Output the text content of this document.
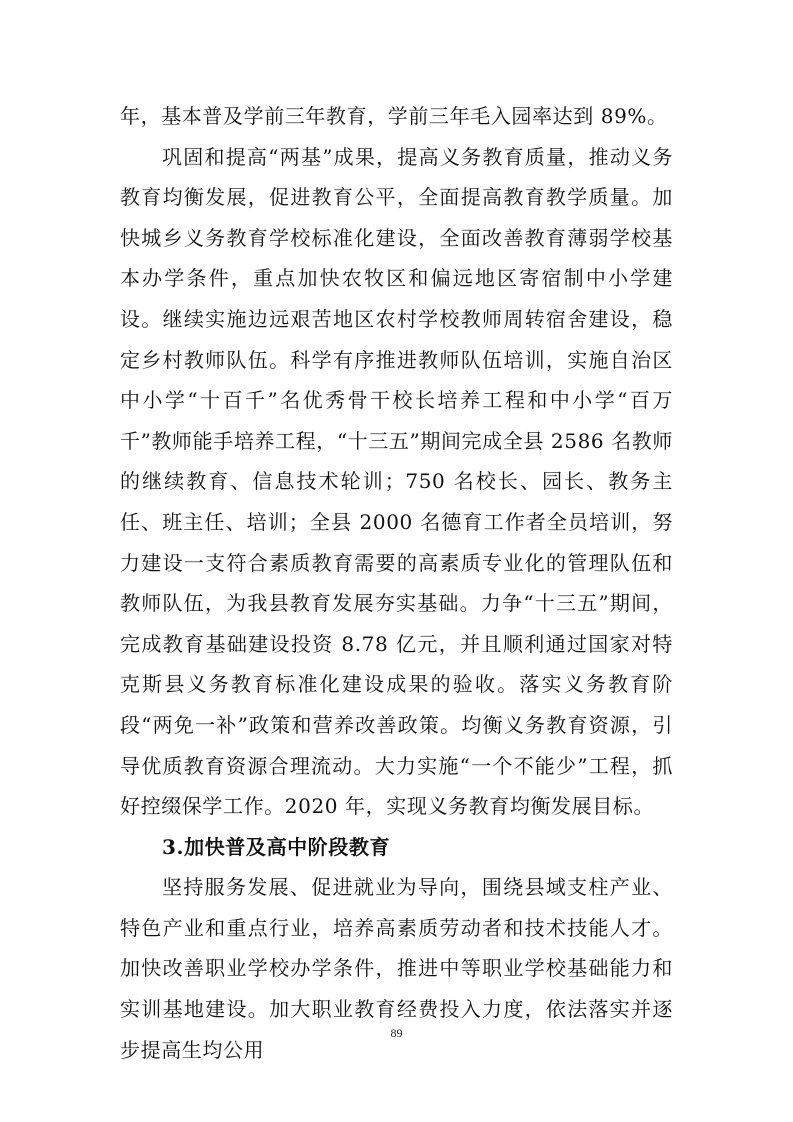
年，基本普及学前三年教育，学前三年毛入园率达到 89%。

巩固和提高“两基”成果，提高义务教育质量，推动义务教育均衡发展，促进教育公平，全面提高教育教学质量。加快城乡义务教育学校标准化建设，全面改善教育薄弱学校基本办学条件，重点加快农牧区和偏远地区寄宿制中小学建设。继续实施边远艰苦地区农村学校教师周转宿舍建设，稳定乡村教师队伍。科学有序推进教师队伍培训，实施自治区中小学“十百千”名优秀骨干校长培养工程和中小学“百万千”教师能手培养工程，“十三五”期间完成全县 2586 名教师的继续教育、信息技术轮训；750 名校长、园长、教务主任、班主任、培训；全县 2000 名德育工作者全员培训，努力建设一支符合素质教育需要的高素质专业化的管理队伍和教师队伍，为我县教育发展夯实基础。力争“十三五”期间，完成教育基础建设投资 8.78 亿元，并且顺利通过国家对特克斯县义务教育标准化建设成果的验收。落实义务教育阶段“两免一补”政策和营养改善政策。均衡义务教育资源，引导优质教育资源合理流动。大力实施“一个不能少”工程，抓好控缀保学工作。2020 年，实现义务教育均衡发展目标。

3.加快普及高中阶段教育

坚持服务发展、促进就业为导向，围绕县域支柱产业、特色产业和重点行业，培养高素质劳动者和技术技能人才。加快改善职业学校办学条件，推进中等职业学校基础能力和实训基地建设。加大职业教育经费投入力度，依法落实并逐步提高生均公用

89
